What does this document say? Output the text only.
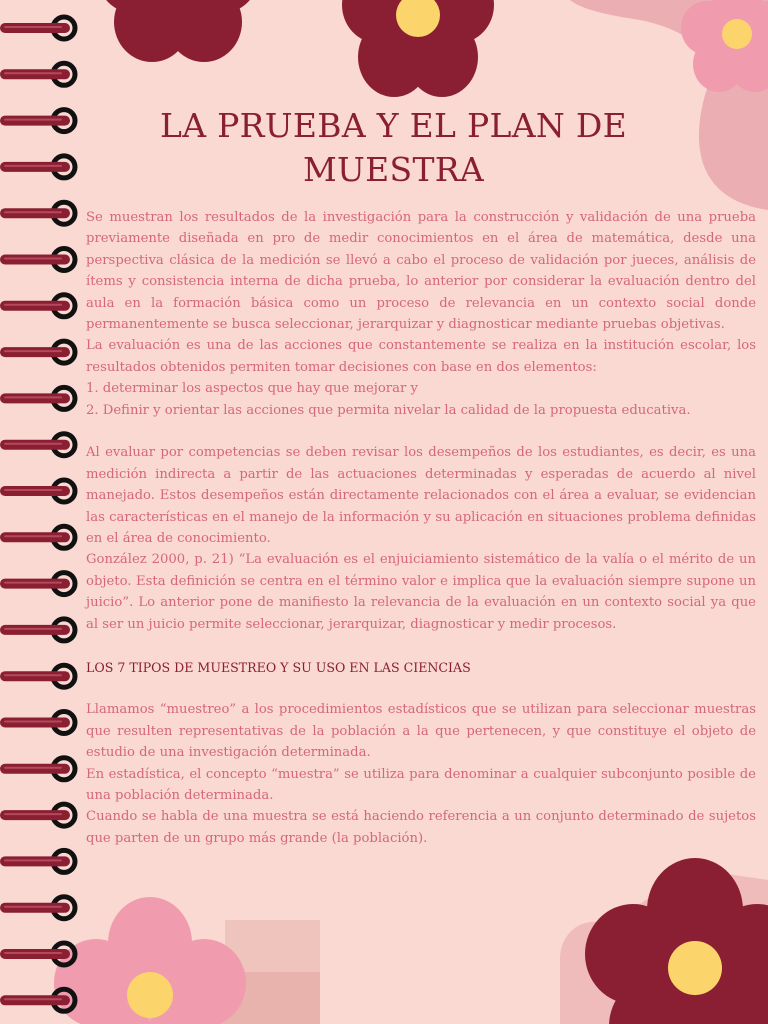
LA PRUEBA Y EL PLAN DE MUESTRA

Se muestran los resultados de la investigación para la construcción y validación de una prueba previamente diseñada en pro de medir conocimientos en el área de matemática, desde una perspectiva clásica de la medición se llevó a cabo el proceso de validación por jueces, análisis de ítems y consistencia interna de dicha prueba, lo anterior por considerar la evaluación dentro del aula en la formación básica como un proceso de relevancia en un contexto social donde permanentemente se busca seleccionar, jerarquizar y diagnosticar mediante pruebas objetivas.

La evaluación es una de las acciones que constantemente se realiza en la institución escolar, los resultados obtenidos permiten tomar decisiones con base en dos elementos:

1. determinar los aspectos que hay que mejorar y

2. Definir y orientar las acciones que permita nivelar la calidad de la propuesta educativa.

Al evaluar por competencias se deben revisar los desempeños de los estudiantes, es decir, es una medición indirecta a partir de las actuaciones determinadas y esperadas de acuerdo al nivel manejado. Estos desempeños están directamente relacionados con el área a evaluar, se evidencian las características en el manejo de la información y su aplicación en situaciones problema definidas en el área de conocimiento.

González 2000, p. 21) “La evaluación es el enjuiciamiento sistemático de la valía o el mérito de un objeto. Esta definición se centra en el término valor e implica que la evaluación siempre supone un juicio”. Lo anterior pone de manifiesto la relevancia de la evaluación en un contexto social ya que al ser un juicio permite seleccionar, jerarquizar, diagnosticar y medir procesos.

LOS 7 TIPOS DE MUESTREO Y SU USO EN LAS CIENCIAS

Llamamos “muestreo” a los procedimientos estadísticos que se utilizan para seleccionar muestras que resulten representativas de la población a la que pertenecen, y que constituye el objeto de estudio de una investigación determinada.

En estadística, el concepto “muestra” se utiliza para denominar a cualquier subconjunto posible de una población determinada.

Cuando se habla de una muestra se está haciendo referencia a un conjunto determinado de sujetos que parten de un grupo más grande (la población).
